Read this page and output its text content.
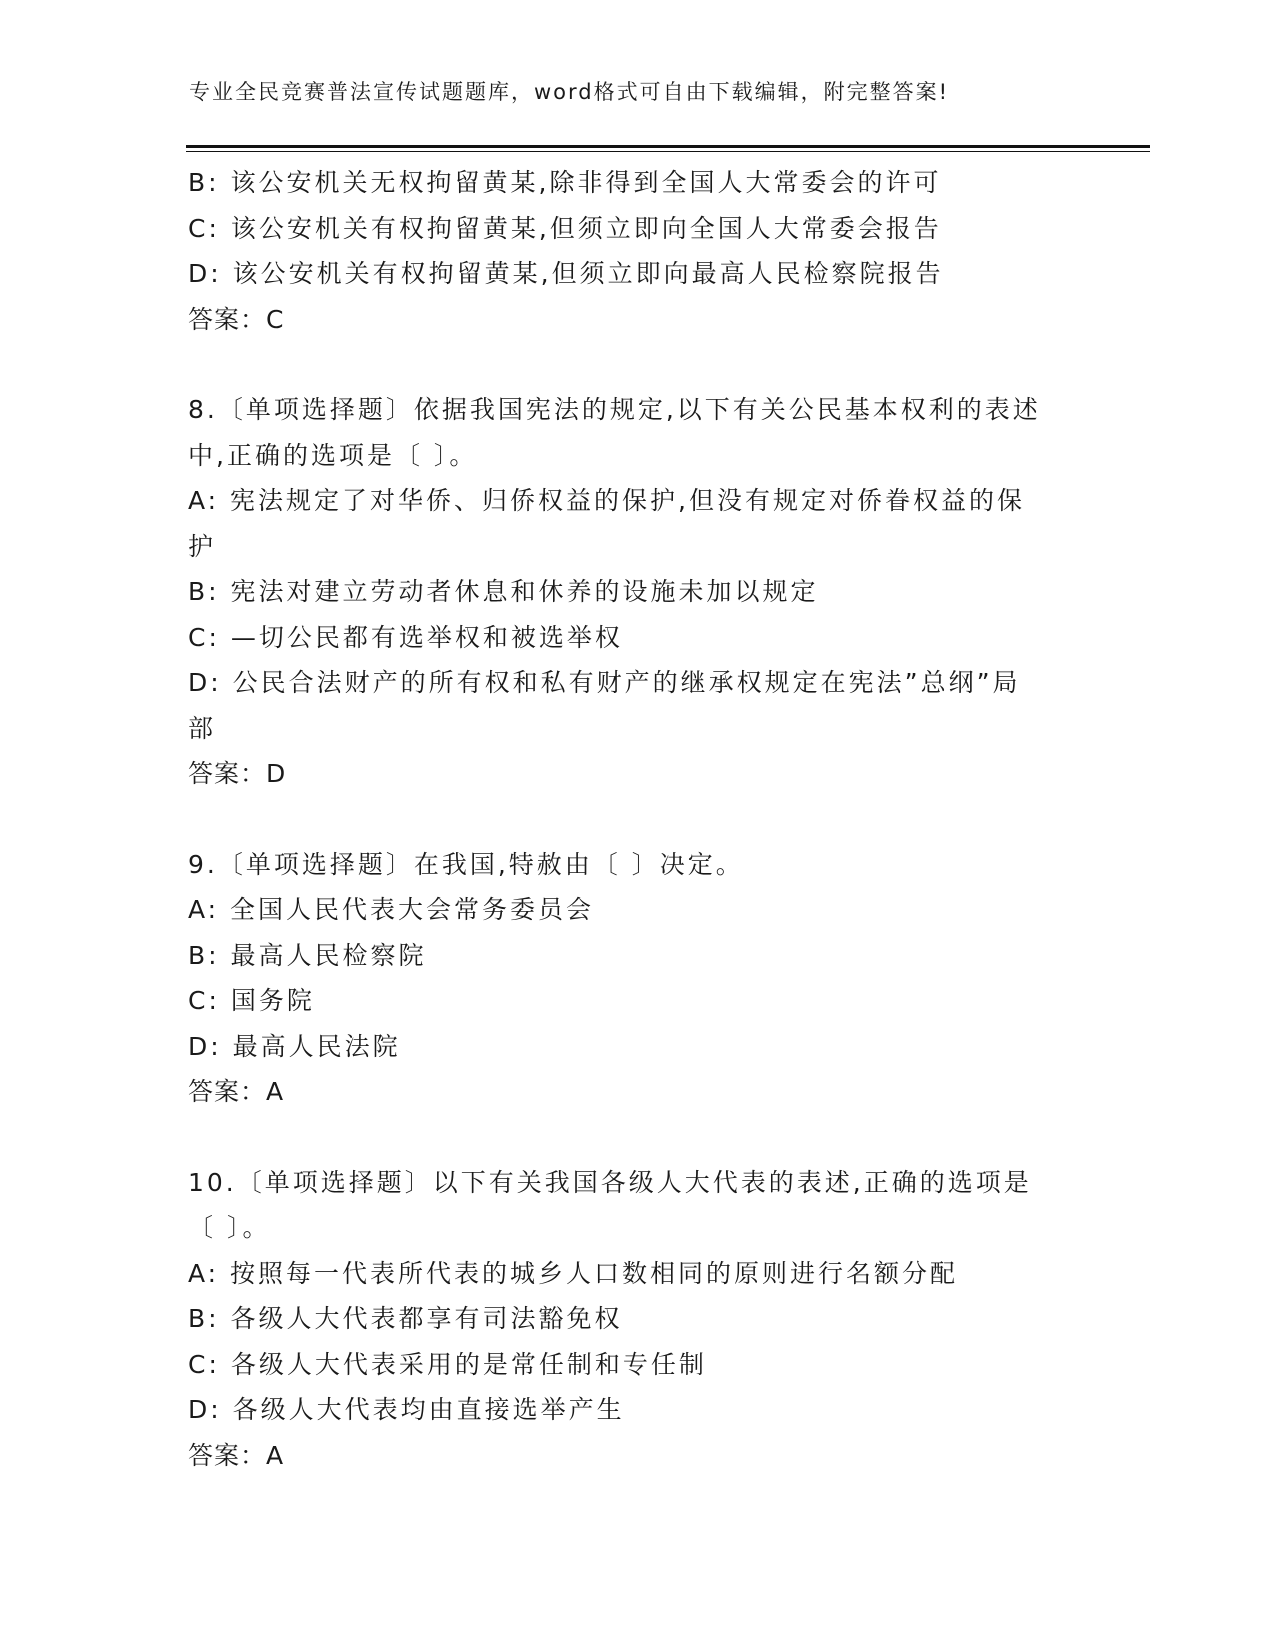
专业全民竞赛普法宣传试题题库，word格式可自由下载编辑，附完整答案!
B: 该公安机关无权拘留黄某,除非得到全国人大常委会的许可
C: 该公安机关有权拘留黄某,但须立即向全国人大常委会报告
D: 该公安机关有权拘留黄某,但须立即向最高人民检察院报告
答案：C
8.〔单项选择题〕依据我国宪法的规定,以下有关公民基本权利的表述
中,正确的选项是〔 〕。
A: 宪法规定了对华侨、归侨权益的保护,但没有规定对侨眷权益的保
护
B: 宪法对建立劳动者休息和休养的设施未加以规定
C: —切公民都有选举权和被选举权
D: 公民合法财产的所有权和私有财产的继承权规定在宪法”总纲”局
部
答案：D
9.〔单项选择题〕在我国,特赦由〔 〕决定。
A: 全国人民代表大会常务委员会
B: 最高人民检察院
C: 国务院
D: 最高人民法院
答案：A
10.〔单项选择题〕以下有关我国各级人大代表的表述,正确的选项是
〔 〕。
A: 按照每一代表所代表的城乡人口数相同的原则进行名额分配
B: 各级人大代表都享有司法豁免权
C: 各级人大代表采用的是常任制和专任制
D: 各级人大代表均由直接选举产生
答案：A
